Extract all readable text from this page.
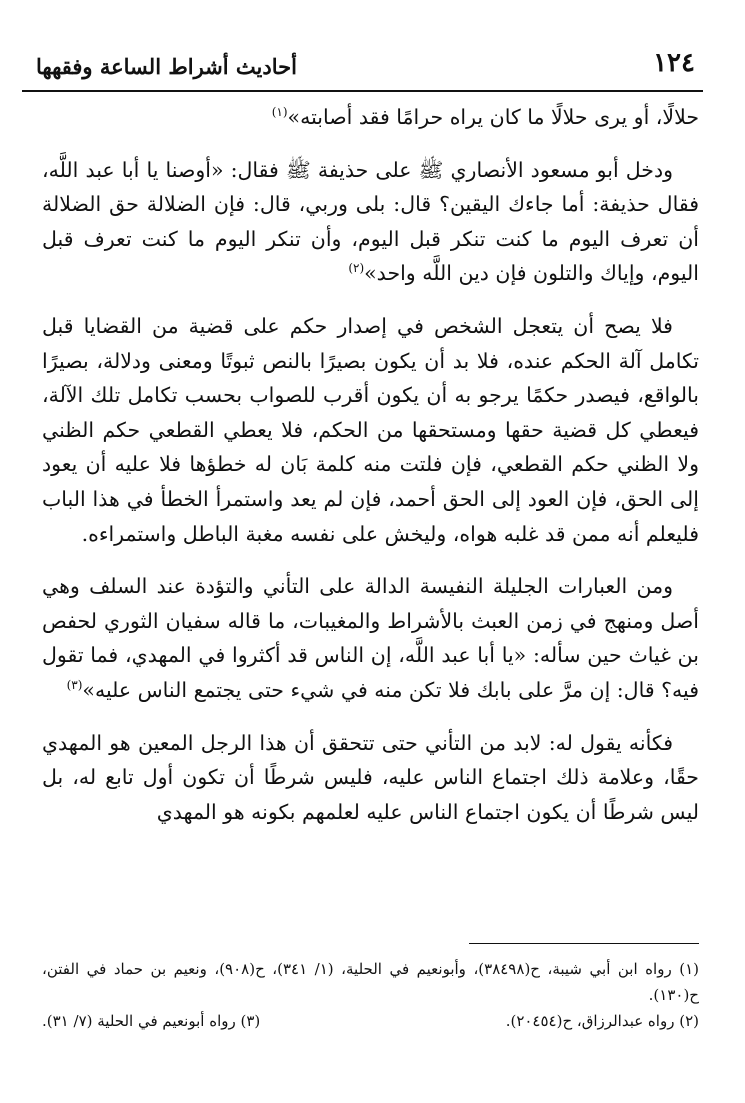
١٢٤
أحاديث أشراط الساعة وفقهها

حلالًا، أو يرى حلالًا ما كان يراه حرامًا فقد أصابته»$^{(١)}$

ودخل أبو مسعود الأنصاري ﷺ على حذيفة ﷺ فقال: «أوصنا يا أبا عبد اللَّه، فقال حذيفة: أما جاءك اليقين؟ قال: بلى وربي، قال: فإن الضلالة حق الضلالة أن تعرف اليوم ما كنت تنكر قبل اليوم، وأن تنكر اليوم ما كنت تعرف قبل اليوم، وإياك والتلون فإن دين اللَّه واحد»$^{(٢)}$

فلا يصح أن يتعجل الشخص في إصدار حكم على قضية من القضايا قبل تكامل آلة الحكم عنده، فلا بد أن يكون بصيرًا بالنص ثبوتًا ومعنى ودلالة، بصيرًا بالواقع، فيصدر حكمًا يرجو به أن يكون أقرب للصواب بحسب تكامل تلك الآلة، فيعطي كل قضية حقها ومستحقها من الحكم، فلا يعطي القطعي حكم الظني ولا الظني حكم القطعي، فإن فلتت منه كلمة بَان له خطؤها فلا عليه أن يعود إلى الحق، فإن العود إلى الحق أحمد، فإن لم يعد واستمرأ الخطأ في هذا الباب فليعلم أنه ممن قد غلبه هواه، وليخش على نفسه مغبة الباطل واستمراءه.

ومن العبارات الجليلة النفيسة الدالة على التأني والتؤدة عند السلف وهي أصل ومنهج في زمن العبث بالأشراط والمغيبات، ما قاله سفيان الثوري لحفص بن غياث حين سأله: «يا أبا عبد اللَّه، إن الناس قد أكثروا في المهدي، فما تقول فيه؟ قال: إن مرَّ على بابك فلا تكن منه في شيء حتى يجتمع الناس عليه»$^{(٣)}$

فكأنه يقول له: لابد من التأني حتى تتحقق أن هذا الرجل المعين هو المهدي حقًا، وعلامة ذلك اجتماع الناس عليه، فليس شرطًا أن تكون أول تابع له، بل ليس شرطًا أن يكون اجتماع الناس عليه لعلمهم بكونه هو المهدي

(١) رواه ابن أبي شيبة، ح(٣٨٤٩٨)، وأبونعيم في الحلية، (١/ ٣٤١)، ح(٩٠٨)، ونعيم بن حماد في الفتن، ح(١٣٠).

(٢) رواه عبدالرزاق، ح(٢٠٤٥٤).

(٣) رواه أبونعيم في الحلية (٧/ ٣١).
